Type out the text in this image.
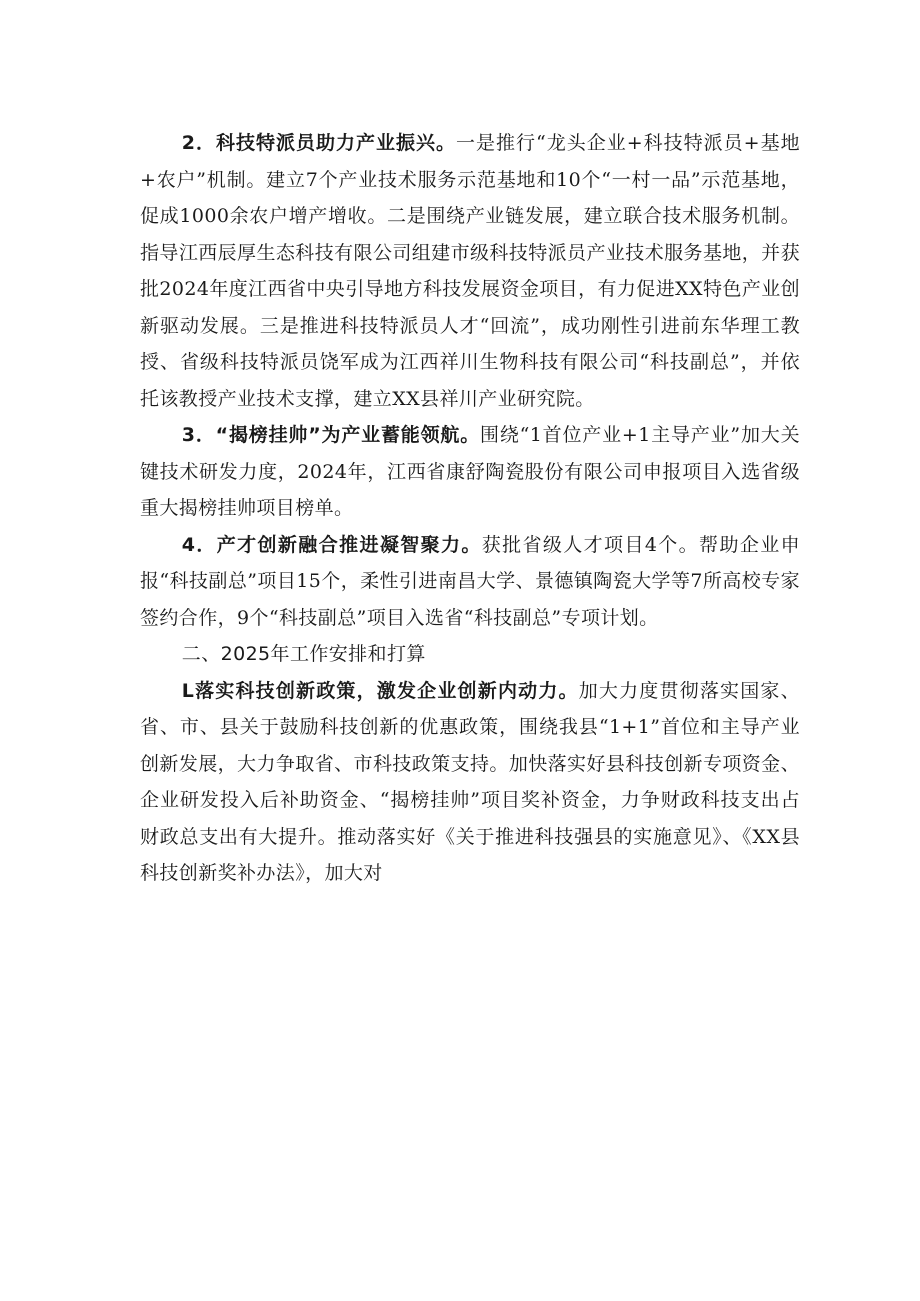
2．科技特派员助力产业振兴。一是推行“龙头企业+科技特派员+基地+农户”机制。建立7个产业技术服务示范基地和10个“一村一品”示范基地，促成1000余农户增产增收。二是围绕产业链发展，建立联合技术服务机制。指导江西辰厚生态科技有限公司组建市级科技特派员产业技术服务基地，并获批2024年度江西省中央引导地方科技发展资金项目，有力促进XX特色产业创新驱动发展。三是推进科技特派员人才“回流”，成功刚性引进前东华理工教授、省级科技特派员饶军成为江西祥川生物科技有限公司“科技副总”，并依托该教授产业技术支撑，建立XX县祥川产业研究院。

3．“揭榜挂帅”为产业蓄能领航。围绕“1首位产业+1主导产业”加大关键技术研发力度，2024年，江西省康舒陶瓷股份有限公司申报项目入选省级重大揭榜挂帅项目榜单。

4．产才创新融合推进凝智聚力。获批省级人才项目4个。帮助企业申报“科技副总”项目15个，柔性引进南昌大学、景德镇陶瓷大学等7所高校专家签约合作，9个“科技副总”项目入选省“科技副总”专项计划。

二、2025年工作安排和打算

L落实科技创新政策，激发企业创新内动力。加大力度贯彻落实国家、省、市、县关于鼓励科技创新的优惠政策，围绕我县“1+1”首位和主导产业创新发展，大力争取省、市科技政策支持。加快落实好县科技创新专项资金、企业研发投入后补助资金、“揭榜挂帅”项目奖补资金，力争财政科技支出占财政总支出有大提升。推动落实好《关于推进科技强县的实施意见》、《XX县科技创新奖补办法》，加大对
